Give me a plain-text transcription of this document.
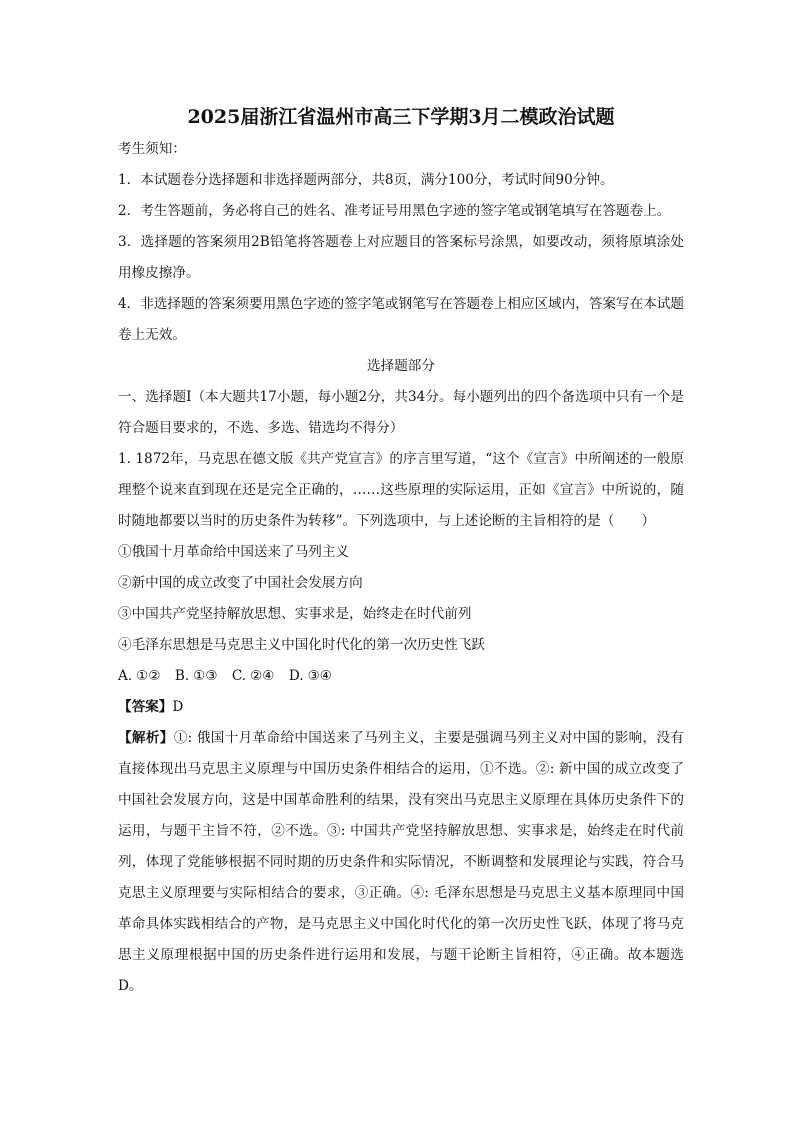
2025届浙江省温州市高三下学期3月二模政治试题

考生须知：

1．本试题卷分选择题和非选择题两部分，共8页，满分100分，考试时间90分钟。

2．考生答题前，务必将自己的姓名、准考证号用黑色字迹的签字笔或钢笔填写在答题卷上。

3．选择题的答案须用2B铅笔将答题卷上对应题目的答案标号涂黑，如要改动，须将原填涂处用橡皮擦净。

4．非选择题的答案须要用黑色字迹的签字笔或钢笔写在答题卷上相应区域内，答案写在本试题卷上无效。

选择题部分

一、选择题Ⅰ（本大题共17小题，每小题2分，共34分。每小题列出的四个备选项中只有一个是符合题目要求的，不选、多选、错选均不得分）

1. 1872年，马克思在德文版《共产党宣言》的序言里写道，“这个《宣言》中所阐述的一般原理整个说来直到现在还是完全正确的，……这些原理的实际运用，正如《宣言》中所说的，随时随地都要以当时的历史条件为转移”。下列选项中，与上述论断的主旨相符的是（　　）

①俄国十月革命给中国送来了马列主义

②新中国的成立改变了中国社会发展方向

③中国共产党坚持解放思想、实事求是，始终走在时代前列

④毛泽东思想是马克思主义中国化时代化的第一次历史性飞跃

A. ①② B. ①③ C. ②④ D. ③④

【答案】D

【解析】①: 俄国十月革命给中国送来了马列主义，主要是强调马列主义对中国的影响，没有直接体现出马克思主义原理与中国历史条件相结合的运用，①不选。②: 新中国的成立改变了中国社会发展方向，这是中国革命胜利的结果，没有突出马克思主义原理在具体历史条件下的运用，与题干主旨不符，②不选。③: 中国共产党坚持解放思想、实事求是，始终走在时代前列，体现了党能够根据不同时期的历史条件和实际情况，不断调整和发展理论与实践，符合马克思主义原理要与实际相结合的要求，③正确。④: 毛泽东思想是马克思主义基本原理同中国革命具体实践相结合的产物，是马克思主义中国化时代化的第一次历史性飞跃，体现了将马克思主义原理根据中国的历史条件进行运用和发展，与题干论断主旨相符，④正确。故本题选D。
